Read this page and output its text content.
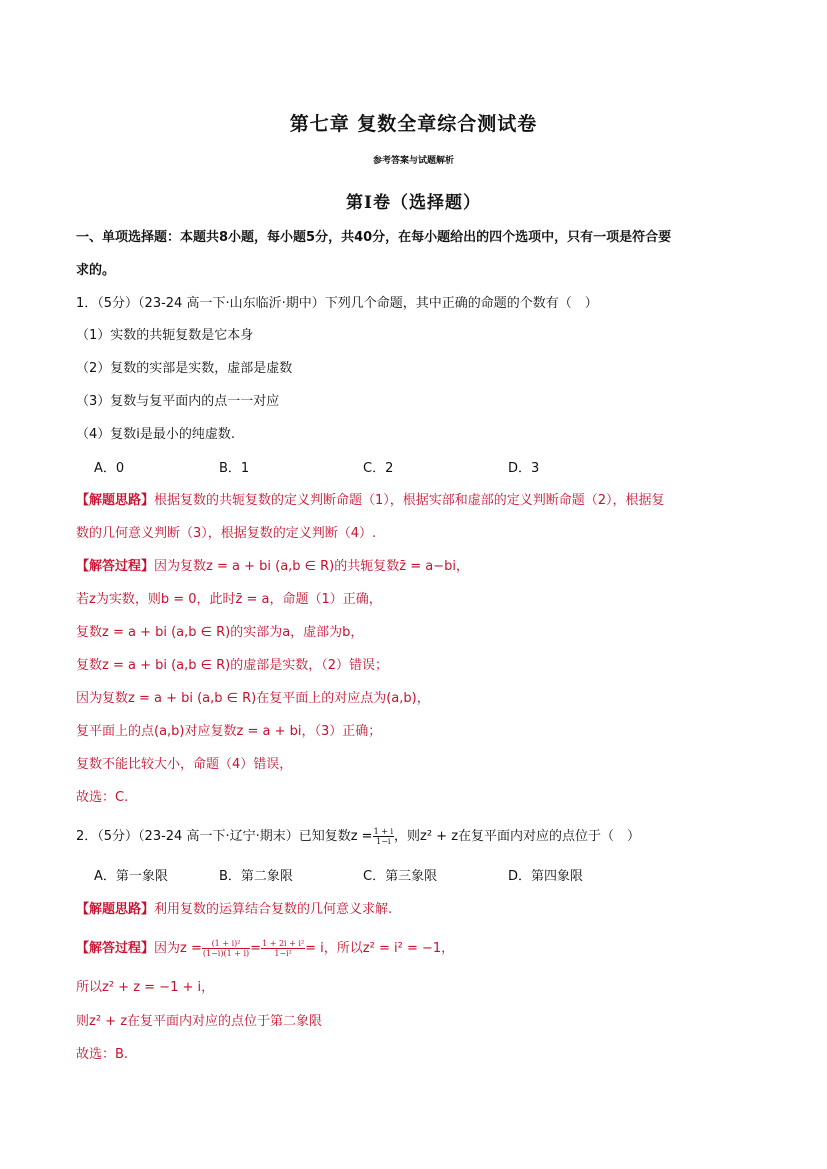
第七章 复数全章综合测试卷
参考答案与试题解析
第Ⅰ卷（选择题）
一、单项选择题：本题共8小题，每小题5分，共40分，在每小题给出的四个选项中，只有一项是符合要
求的。
1．（5分）（23-24 高一下·山东临沂·期中）下列几个命题，其中正确的命题的个数有（　）
（1）实数的共轭复数是它本身
（2）复数的实部是实数，虚部是虚数
（3）复数与复平面内的点一一对应
（4）复数i是最小的纯虚数.
A．0	B．1	C．2	D．3
【解题思路】根据复数的共轭复数的定义判断命题（1），根据实部和虚部的定义判断命题（2），根据复
数的几何意义判断（3），根据复数的定义判断（4）.
【解答过程】因为复数z = a + bi (a,b ∈ R)的共轭复数z̄ = a−bi，
若z为实数，则b = 0，此时z̄ = a，命题（1）正确，
复数z = a + bi (a,b ∈ R)的实部为a，虚部为b，
复数z = a + bi (a,b ∈ R)的虚部是实数，（2）错误；
因为复数z = a + bi (a,b ∈ R)在复平面上的对应点为(a,b)，
复平面上的点(a,b)对应复数z = a + bi，（3）正确；
复数不能比较大小，命题（4）错误，
故选：C.
2．（5分）（23-24 高一下·辽宁·期末）已知复数$z = \frac{1 + i}{1-i}$ ，则z² + z在复平面内对应的点位于（　）
A．第一象限	B．第二象限	C．第三象限	D．第四象限
【解题思路】利用复数的运算结合复数的几何意义求解.
【解答过程】因为$z = \frac{\text{(1 + i)²}}{(1-i)(1 + i)} = \frac{\text{1 + 2i + i²}}{\text{1−i²}} = i$，所以z² = i² = −1，
所以z² + z = −1 + i，
则z² + z在复平面内对应的点位于第二象限
故选：B.
